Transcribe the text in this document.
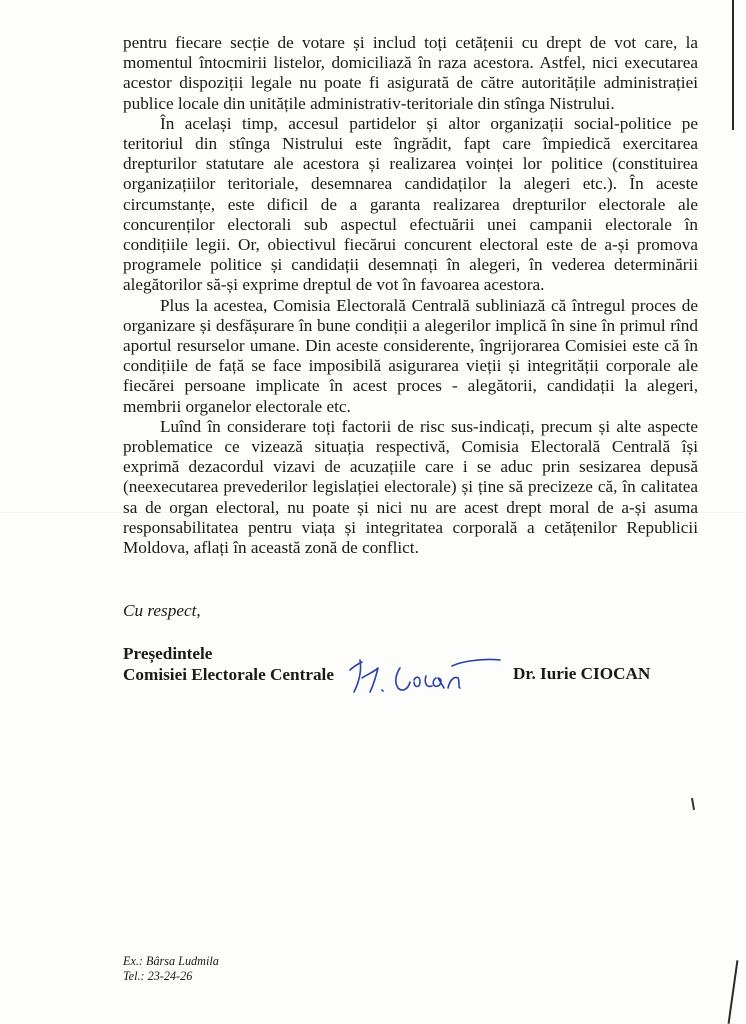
⁠

pentru fiecare secție de votare și includ toți cetățenii cu drept de vot care, la momentul întocmirii listelor, domiciliază în raza acestora. Astfel, nici executarea acestor dispoziții legale nu poate fi asigurată de către autoritățile administrației publice locale din unitățile administrativ-teritoriale din stînga Nistrului.

În același timp, accesul partidelor și altor organizații social-politice pe teritoriul din stînga Nistrului este îngrădit, fapt care împiedică exercitarea drepturilor statutare ale acestora și realizarea voinței lor politice (constituirea organizațiilor teritoriale, desemnarea candidaților la alegeri etc.). În aceste circumstanțe, este dificil de a garanta realizarea drepturilor electorale ale concurenților electorali sub aspectul efectuării unei campanii electorale în condițiile legii. Or, obiectivul fiecărui concurent electoral este de a-și promova programele politice și candidații desemnați în alegeri, în vederea determinării alegătorilor să-și exprime dreptul de vot în favoarea acestora.

Plus la acestea, Comisia Electorală Centrală subliniază că întregul proces de organizare și desfășurare în bune condiții a alegerilor implică în sine în primul rînd aportul resurselor umane. Din aceste considerente, îngrijorarea Comisiei este că în condițiile de față se face imposibilă asigurarea vieții și integrității corporale ale fiecărei persoane implicate în acest proces - alegătorii, candidații la alegeri, membrii organelor electorale etc.

Luînd în considerare toți factorii de risc sus-indicați, precum și alte aspecte problematice ce vizează situația respectivă, Comisia Electorală Centrală își exprimă dezacordul vizavi de acuzațiile care i se aduc prin sesizarea depusă (neexecutarea prevederilor legislației electorale) și ține să precizeze că, în calitatea sa de organ electoral, nu poate și nici nu are acest drept moral de a-și asuma responsabilitatea pentru viața și integritatea corporală a cetățenilor Republicii Moldova, aflați în această zonă de conflict.

Cu respect,
Președintele
Comisiei Electorale Centrale	Dr. Iurie CIOCAN
Ex.: Bârsa Ludmila
Tel.: 23-24-26
